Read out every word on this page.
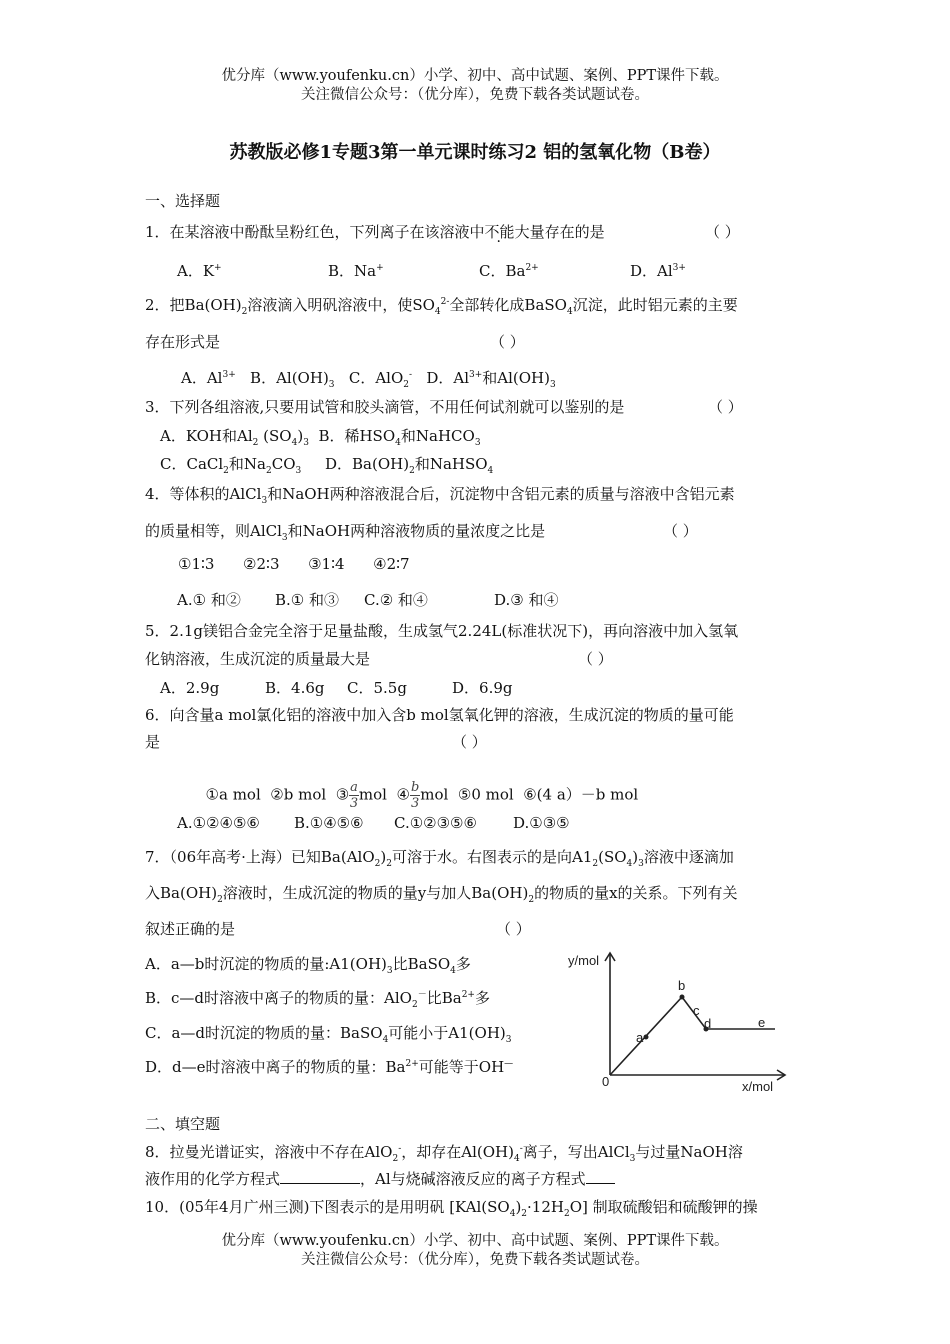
优分库（www.youfenku.cn）小学、初中、高中试题、案例、PPT课件下载。
关注微信公众号：（优分库），免费下载各类试题试卷。
苏教版必修1专题3第一单元课时练习2 铝的氢氧化物（B卷）
一、选择题
1．在某溶液中酚酞呈粉红色，下列离子在该溶液中不能大量存在的是	（ ）
A．K+	B．Na+	C．$Ba^{2+}$	D．$Al^{3+}$
2．把$Ba(OH)_2$溶液滴入明矾溶液中，使$SO_4^{2-}$全部转化成BaSO$_4$沉淀，此时铝元素的主要
存在形式是	（ ）
A．$Al^{3+}$   B．$Al(OH)_3$   C．AlO$_2$-   D．$Al^{3+}$和$Al(OH)_3$
3．下列各组溶液,只要用试管和胶头滴管，不用任何试剂就可以鉴别的是	（ ）
A．KOH和$Al_2$ $(SO_4)_3$  B．稀$HSO_4$和NaHCO$_3$
C．CaCl$_2$和$Na_2CO_3$ D．$Ba(OH)_2$和NaHSO$_4$
4．等体积的AlCl$_3$和NaOH两种溶液混合后，沉淀物中含铝元素的质量与溶液中含铝元素
的质量相等，则AlCl$_3$和NaOH两种溶液物质的量浓度之比是	（ ）
①1∶3      ②2∶3      ③1∶4      ④2∶7
A.① 和② B.① 和③ C.② 和④	D.③ 和④
5．2.1g镁铝合金完全溶于足量盐酸，生成氢气2.24L(标准状况下)，再向溶液中加入氢氧
化钠溶液，生成沉淀的质量最大是	（ ）
A．2.9g	B．4.6g C．5.5g	D．6.9g
6．向含量a mol氯化铝的溶液中加入含b mol氢氧化钾的溶液，生成沉淀的物质的量可能
是	（ ）

①a mol  ②b mol  ③ $\frac{a}{3}$ mol  ④ $\frac{b}{3}$ mol  ⑤0 mol  ⑥(4 a）－b mol

A.①②④⑤⑥ B.①④⑤⑥ C.①②③⑤⑥ D.①③⑤
7．（06年高考·上海）已知$Ba(AlO_2)_2$可溶于水。右图表示的是向$A1_2(SO_4)_3$溶液中逐滴加
入$Ba(OH)_2$溶液时，生成沉淀的物质的量y与加人$Ba(OH)_2$的物质的量x的关系。下列有关
叙述正确的是	（ ）
A．a—b时沉淀的物质的量$:A1(OH)_3$比BaSO$_4$多
B．c—d时溶液中离子的物质的量：AlO$_2$－比$Ba^{2+}$多
C．a—d时沉淀的物质的量：BaSO$_4$可能小于$A1(OH)_3$
D．d—e时溶液中离子的物质的量：$Ba^{2+}$可能等于OH—
y/mol
x/mol
0
a
b
c
d	e
二、填空题
8．拉曼光谱证实，溶液中不存在AlO$_2$-，却存在$Al(OH)_4^-$离子，写出AlCl$_3$与过量NaOH溶
液作用的化学方程式	，Al与烧碱溶液反应的离子方程式
10．(05年4月广州三测)下图表示的是用明矾 $[KAl(SO_4)_2\cdot 12H_2O]$ 制取硫酸铝和硫酸钾的操
优分库（www.youfenku.cn）小学、初中、高中试题、案例、PPT课件下载。
关注微信公众号：（优分库），免费下载各类试题试卷。
